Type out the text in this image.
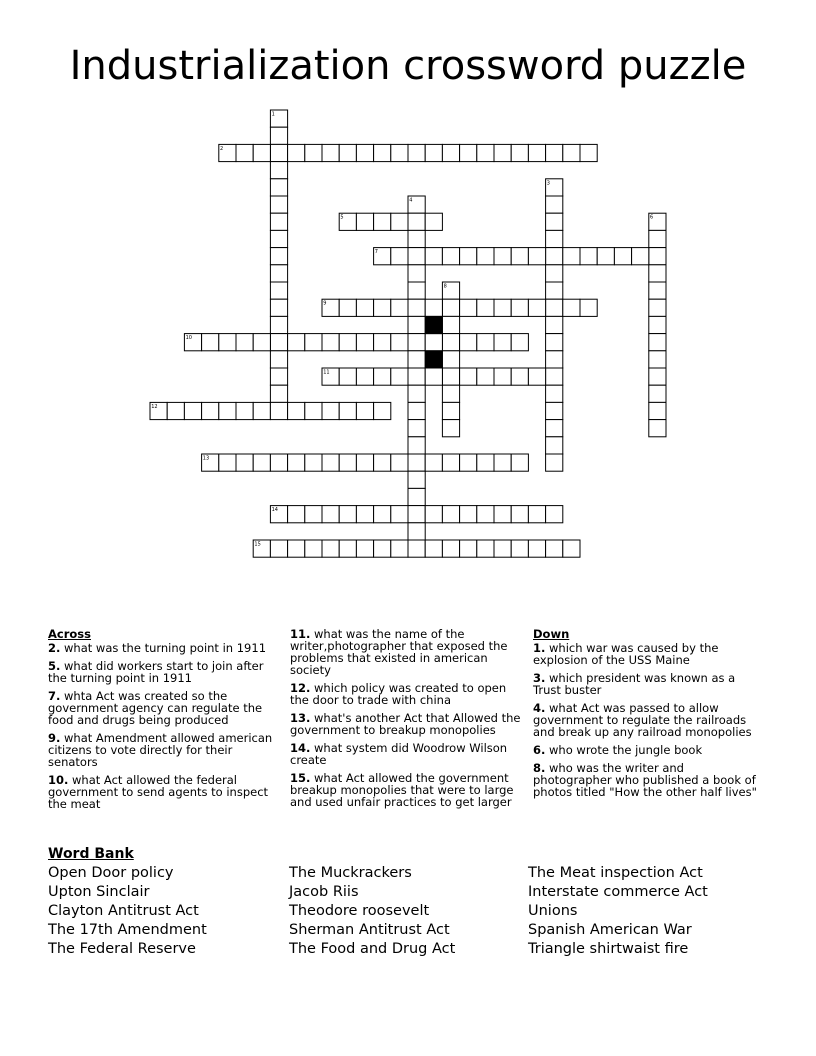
Industrialization crossword puzzle
1
2
3
4
5	6
7
8
9
10
11
12
13
14
15
Across
2. what was the turning point in 1911
5. what did workers start to join after the turning point in 1911
7. whta Act was created so the government agency can regulate the food and drugs being produced
9. what Amendment allowed american citizens to vote directly for their senators
10. what Act allowed the federal government to send agents to inspect the meat
11. what was the name of the writer,photographer that exposed the problems that existed in american society
12. which policy was created to open the door to trade with china
13. what's another Act that Allowed the government to breakup monopolies
14. what system did Woodrow Wilson create
15. what Act allowed the government breakup monopolies that were to large and used unfair practices to get larger
Down
1. which war was caused by the explosion of the USS Maine
3. which president was known as a Trust buster
4. what Act was passed to allow government to regulate the railroads and break up any railroad monopolies
6. who wrote the jungle book
8. who was the writer and photographer who published a book of photos titled "How the other half lives"
Word Bank
Open Door policy	The Muckrackers	The Meat inspection Act
Upton Sinclair	Jacob Riis	Interstate commerce Act
Clayton Antitrust Act	Theodore roosevelt	Unions
The 17th Amendment	Sherman Antitrust Act	Spanish American War
The Federal Reserve	The Food and Drug Act	Triangle shirtwaist fire
